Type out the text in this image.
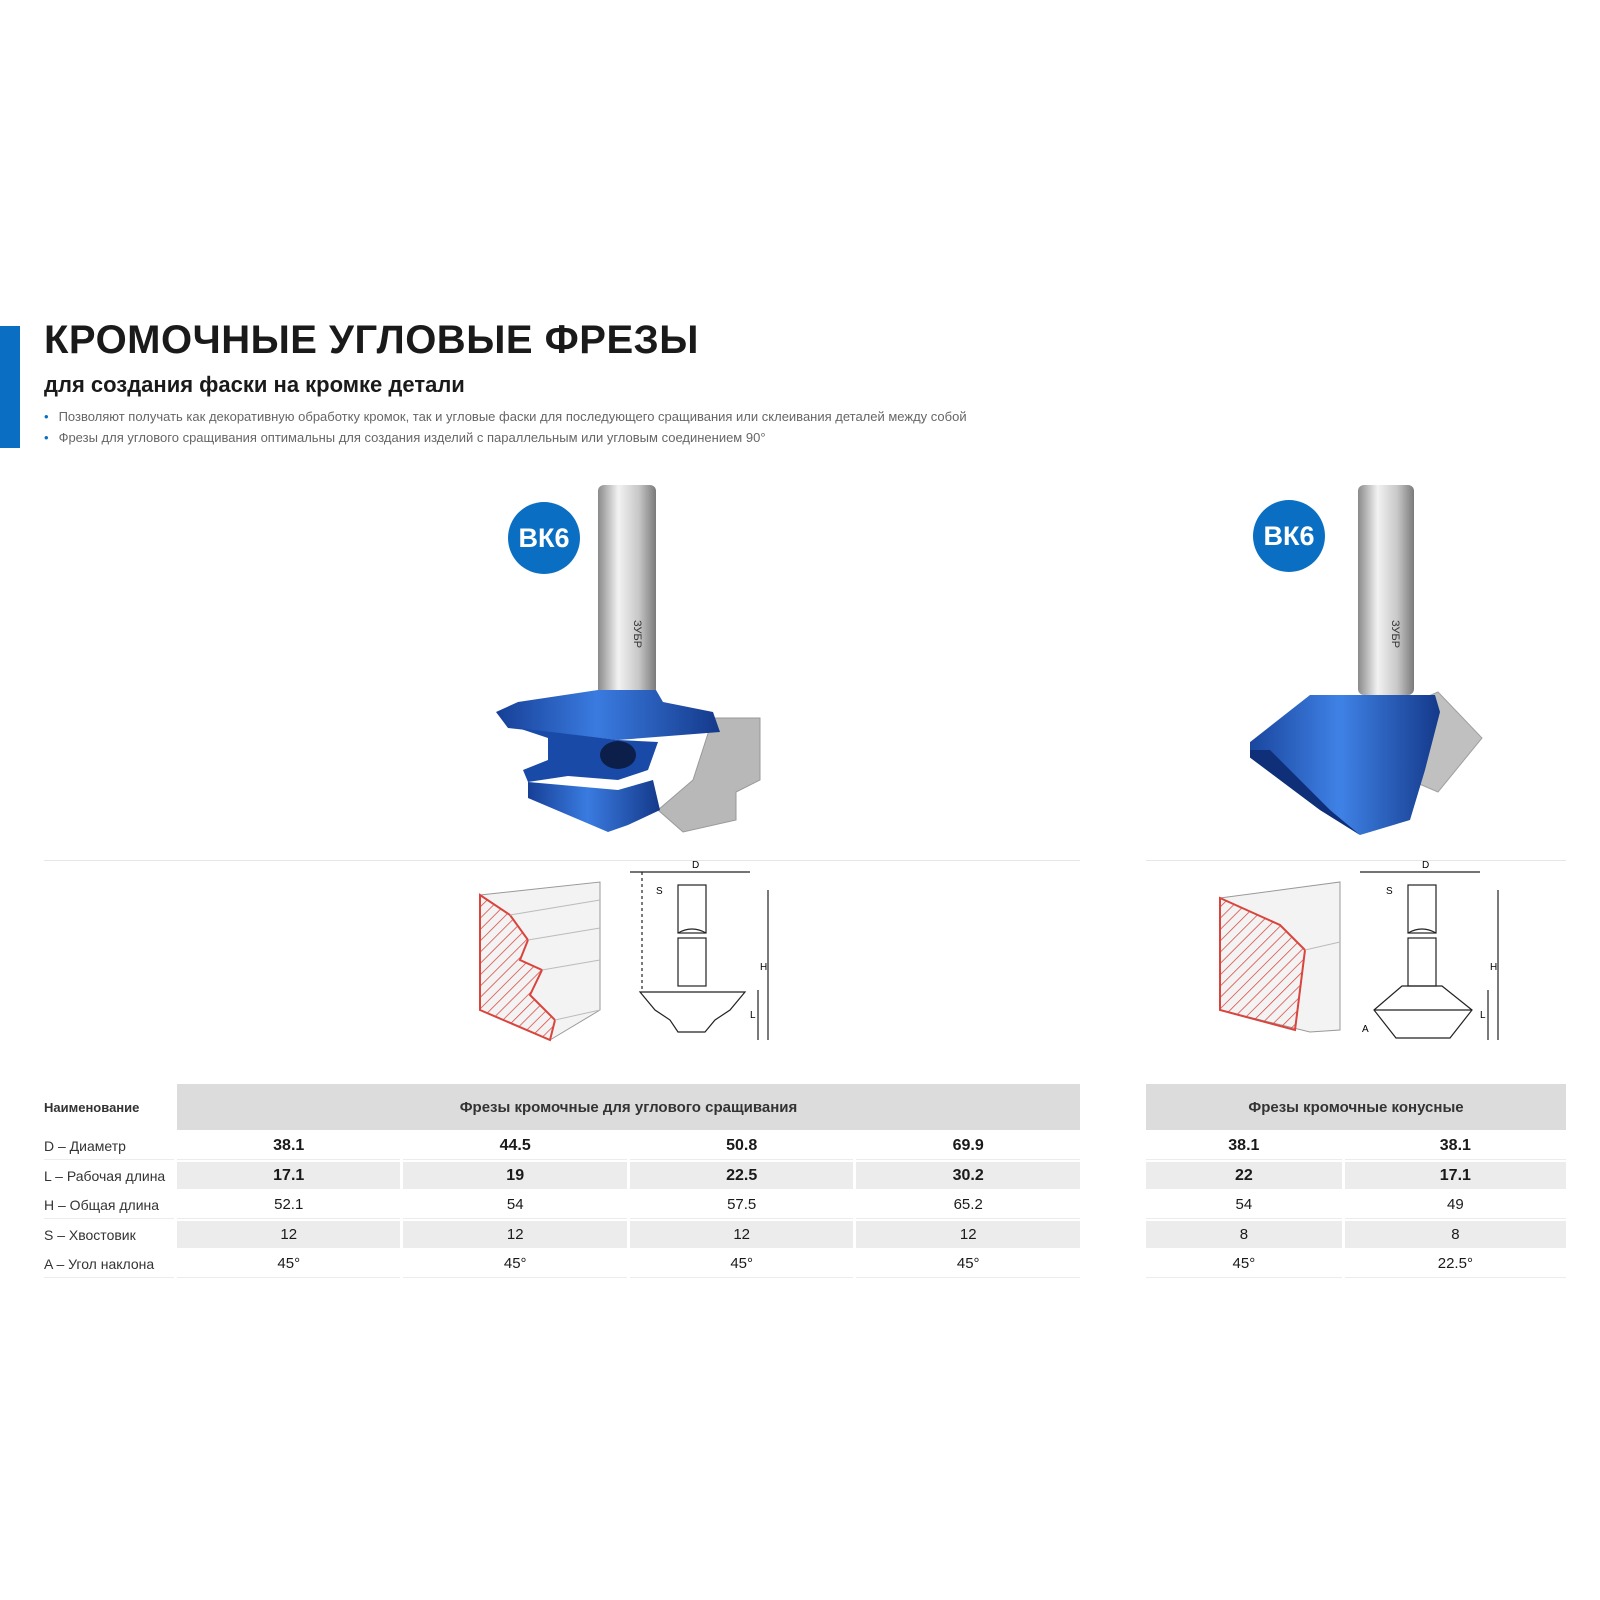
КРОМОЧНЫЕ УГЛОВЫЕ ФРЕЗЫ
для создания фаски на кромке детали
• Позволяют получать как декоративную обработку кромок, так и угловые фаски для последующего сращивания или склеивания деталей между собой
• Фрезы для углового сращивания оптимальны для создания изделий с параллельным или угловым соединением 90°
ВК6
ЗУБР
ВК6
ЗУБР
D
S
H
L
D
S
H
L
A
Наименование	Фрезы кромочные для углового сращивания			
D – Диаметр	38.1	44.5	50.8	69.9
L – Рабочая длина	17.1	19	22.5	30.2
H – Общая длина	52.1	54	57.5	65.2
S – Хвостовик	12	12	12	12
A – Угол наклона	45°	45°	45°	45°
Фрезы кромочные конусные	
38.1	38.1
22	17.1
54	49
8	8
45°	22.5°
